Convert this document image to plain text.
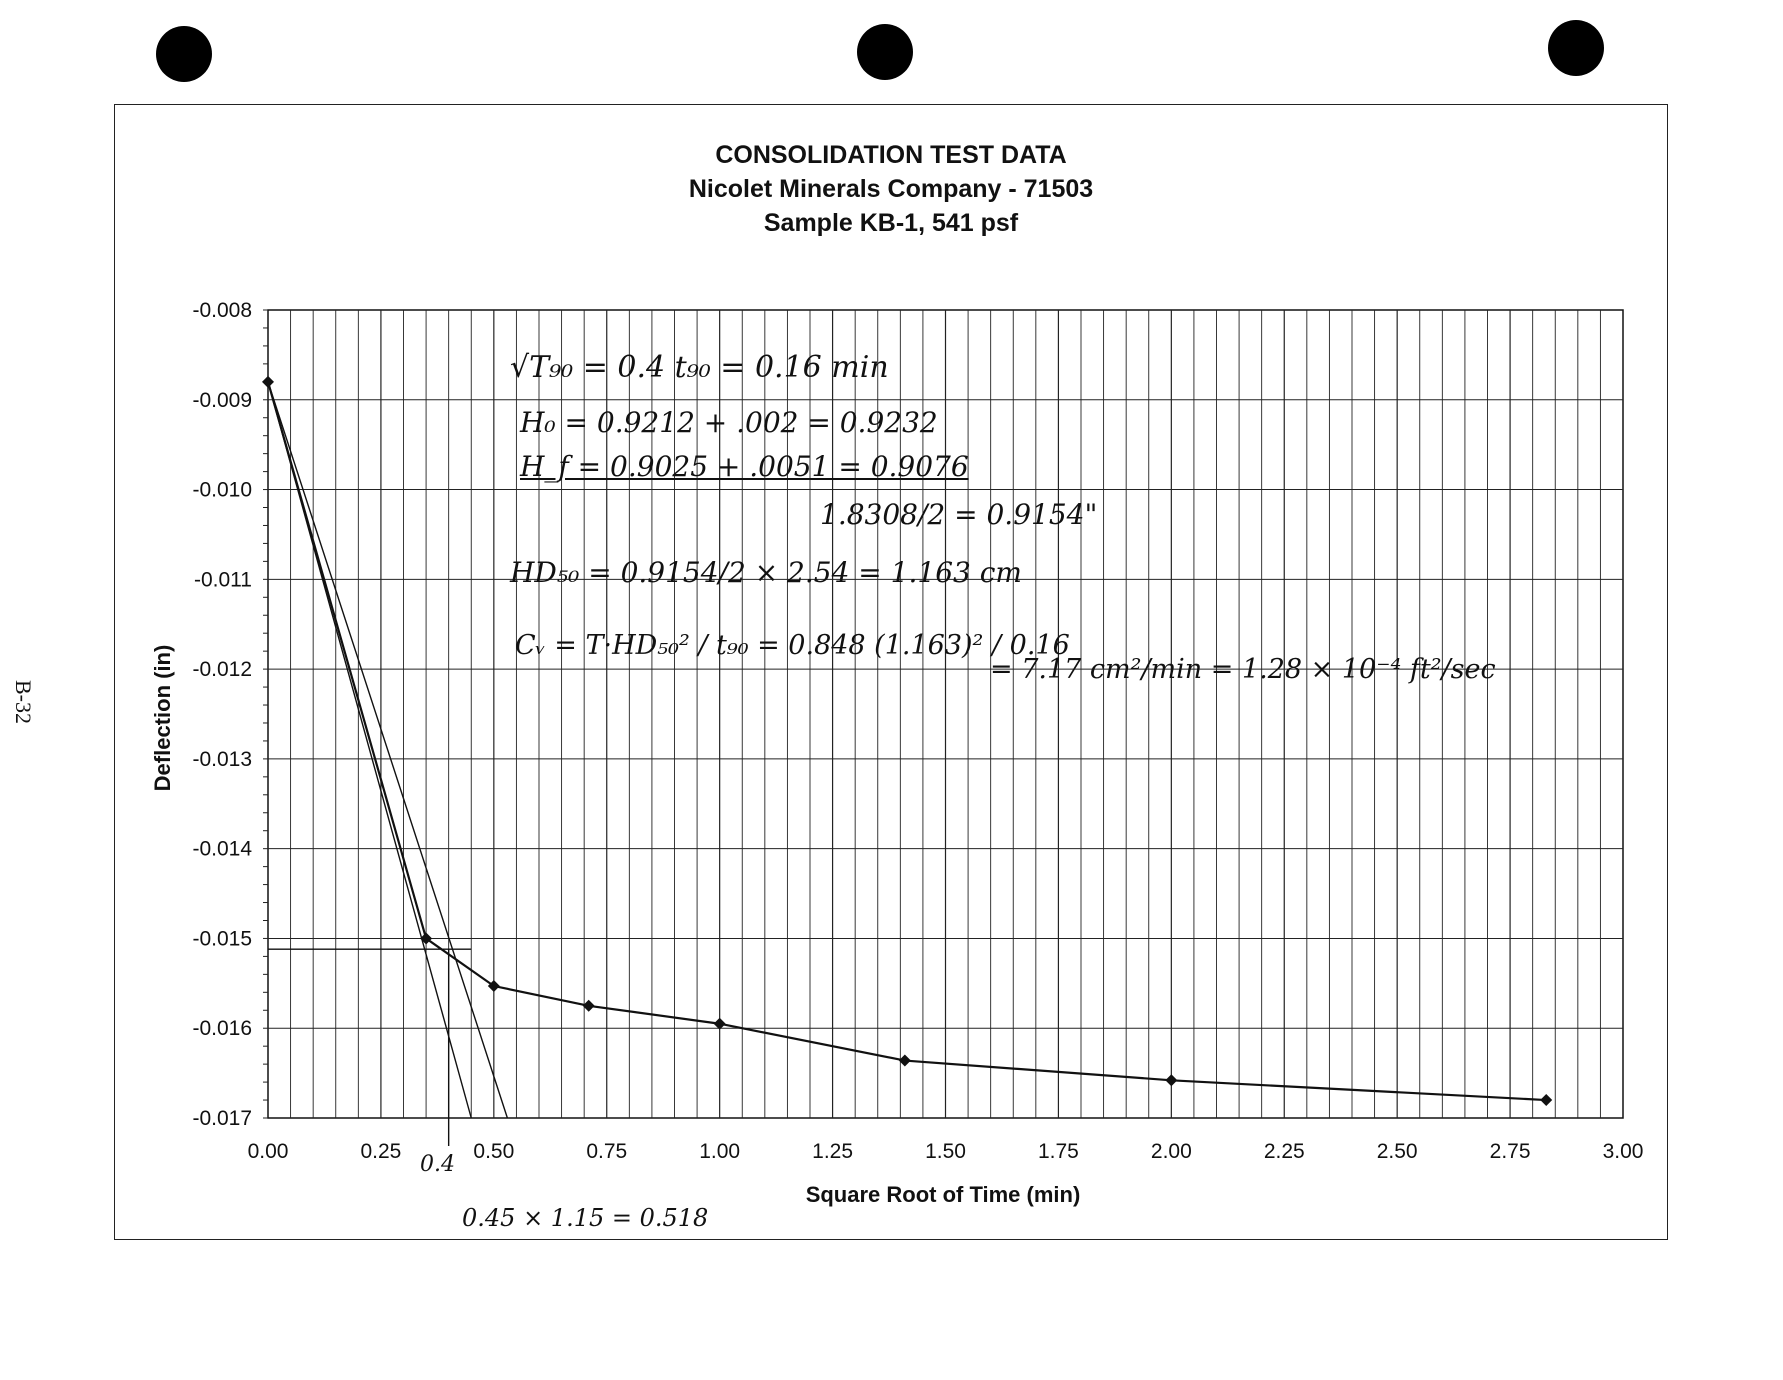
B-32
CONSOLIDATION TEST DATA
Nicolet Minerals Company - 71503
Sample KB-1, 541 psf
0.00	0.25	0.50	0.75	1.00	1.25	1.50	1.75	2.00	2.25	2.50	2.75	3.00
-0.008
-0.009
-0.010
-0.011
-0.012
-0.013
-0.014
-0.015
-0.016
-0.017
Square Root of Time (min)
Deflection (in)
√T₉₀ = 0.4 t₉₀ = 0.16 min
H₀ = 0.9212 + .002 = 0.9232
H_f = 0.9025 + .0051 = 0.9076
1.8308/2 = 0.9154"
HD₅₀ = 0.9154/2 × 2.54 = 1.163 cm
Cᵥ = T·HD₅₀² / t₉₀ = 0.848 (1.163)² / 0.16
= 7.17 cm²/min = 1.28 × 10⁻⁴ ft²/sec
0.4
0.45 × 1.15 = 0.518
